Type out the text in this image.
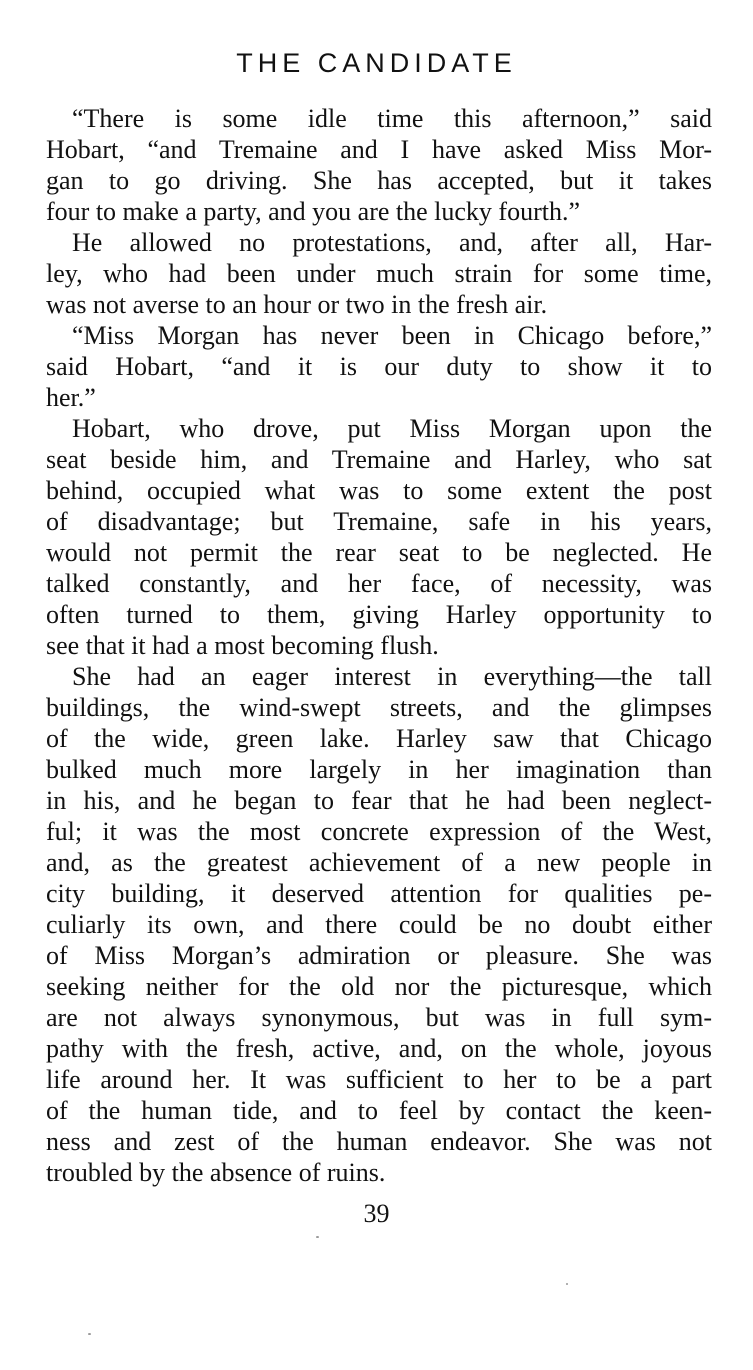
THE CANDIDATE
“There is some idle time this afternoon,” said
Hobart, “and Tremaine and I have asked Miss Mor-
gan to go driving. She has accepted, but it takes
four to make a party, and you are the lucky fourth.”
He allowed no protestations, and, after all, Har-
ley, who had been under much strain for some time,
was not averse to an hour or two in the fresh air.
“Miss Morgan has never been in Chicago before,”
said Hobart, “and it is our duty to show it to
her.”
Hobart, who drove, put Miss Morgan upon the
seat beside him, and Tremaine and Harley, who sat
behind, occupied what was to some extent the post
of disadvantage; but Tremaine, safe in his years,
would not permit the rear seat to be neglected. He
talked constantly, and her face, of necessity, was
often turned to them, giving Harley opportunity to
see that it had a most becoming flush.
She had an eager interest in everything—the tall
buildings, the wind-swept streets, and the glimpses
of the wide, green lake. Harley saw that Chicago
bulked much more largely in her imagination than
in his, and he began to fear that he had been neglect-
ful; it was the most concrete expression of the West,
and, as the greatest achievement of a new people in
city building, it deserved attention for qualities pe-
culiarly its own, and there could be no doubt either
of Miss Morgan’s admiration or pleasure. She was
seeking neither for the old nor the picturesque, which
are not always synonymous, but was in full sym-
pathy with the fresh, active, and, on the whole, joyous
life around her. It was sufficient to her to be a part
of the human tide, and to feel by contact the keen-
ness and zest of the human endeavor. She was not
troubled by the absence of ruins.
39
